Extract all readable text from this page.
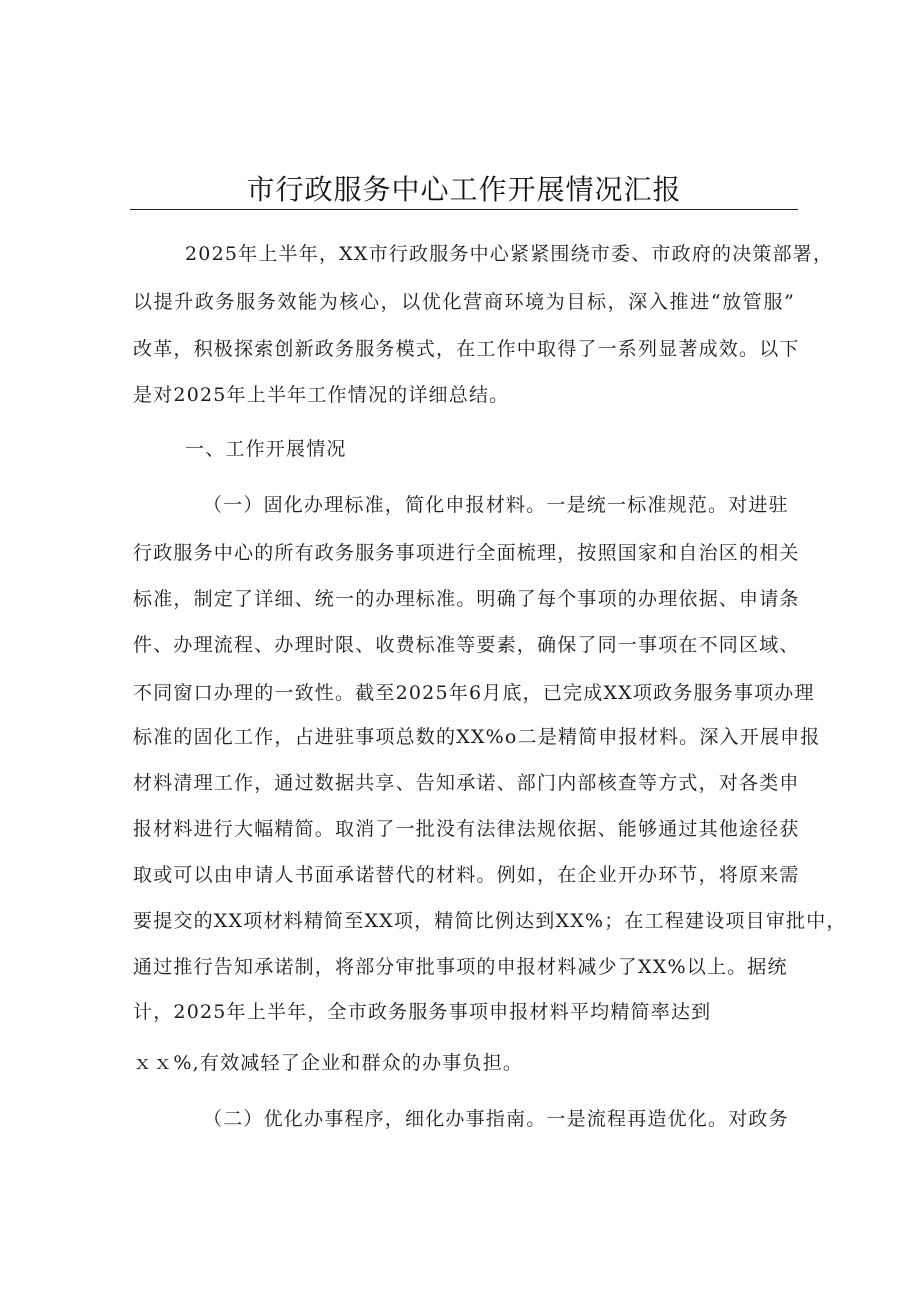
市行政服务中心工作开展情况汇报
2025年上半年，XX市行政服务中心紧紧围绕市委、市政府的决策部署，
以提升政务服务效能为核心，以优化营商环境为目标，深入推进“放管服”
改革，积极探索创新政务服务模式，在工作中取得了一系列显著成效。以下
是对2025年上半年工作情况的详细总结。
一、工作开展情况
（一）固化办理标准，简化申报材料。一是统一标准规范。对进驻
行政服务中心的所有政务服务事项进行全面梳理，按照国家和自治区的相关
标准，制定了详细、统一的办理标准。明确了每个事项的办理依据、申请条
件、办理流程、办理时限、收费标准等要素，确保了同一事项在不同区域、
不同窗口办理的一致性。截至2025年6月底，已完成XX项政务服务事项办理
标准的固化工作，占进驻事项总数的XX%o二是精简申报材料。深入开展申报
材料清理工作，通过数据共享、告知承诺、部门内部核查等方式，对各类申
报材料进行大幅精简。取消了一批没有法律法规依据、能够通过其他途径获
取或可以由申请人书面承诺替代的材料。例如，在企业开办环节，将原来需
要提交的XX项材料精简至XX项，精简比例达到XX%；在工程建设项目审批中，
通过推行告知承诺制，将部分审批事项的申报材料减少了XX%以上。据统
计，2025年上半年，全市政务服务事项申报材料平均精简率达到
ｘｘ%,有效减轻了企业和群众的办事负担。
（二）优化办事程序，细化办事指南。一是流程再造优化。对政务
